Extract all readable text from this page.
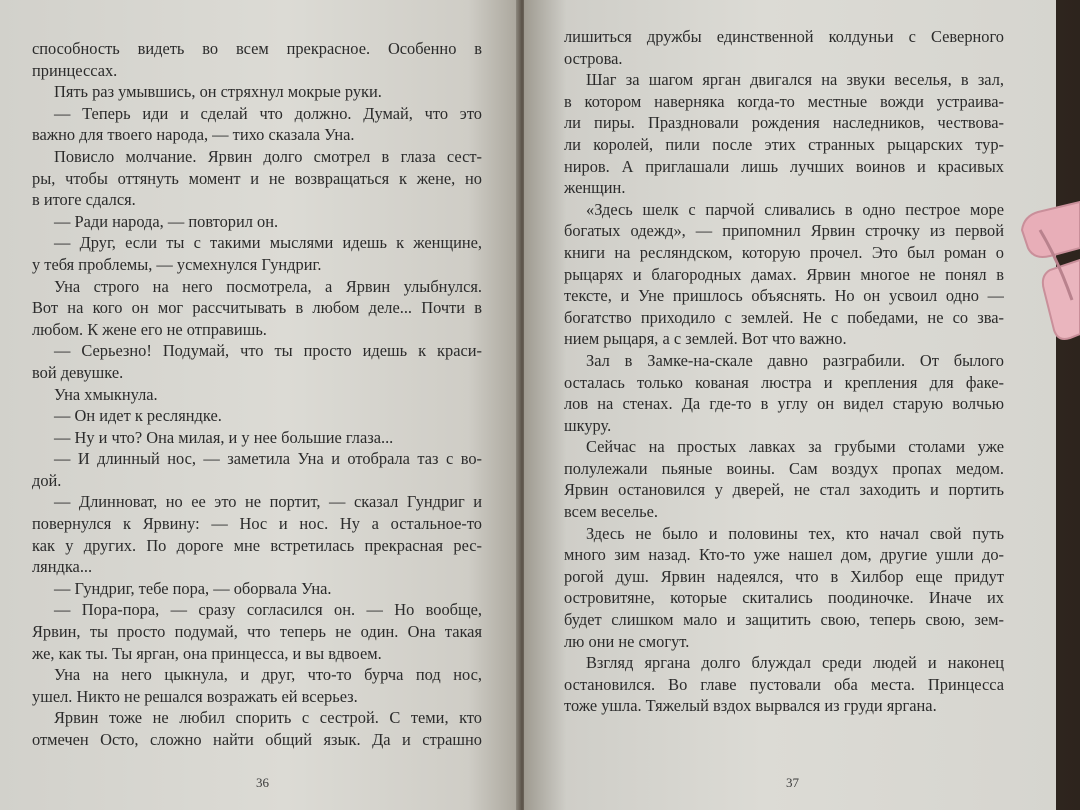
способность видеть во всем прекрасное. Особенно в
принцессах.
Пять раз умывшись, он стряхнул мокрые руки.
— Теперь иди и сделай что должно. Думай, что это
важно для твоего народа, — тихо сказала Уна.
Повисло молчание. Ярвин долго смотрел в глаза сест-
ры, чтобы оттянуть момент и не возвращаться к жене, но
в итоге сдался.
— Ради народа, — повторил он.
— Друг, если ты с такими мыслями идешь к женщине,
у тебя проблемы, — усмехнулся Гундриг.
Уна строго на него посмотрела, а Ярвин улыбнулся.
Вот на кого он мог рассчитывать в любом деле... Почти в
любом. К жене его не отправишь.
— Серьезно! Подумай, что ты просто идешь к краси-
вой девушке.
Уна хмыкнула.
— Он идет к ресляндке.
— Ну и что? Она милая, и у нее большие глаза...
— И длинный нос, — заметила Уна и отобрала таз с во-
дой.
— Длинноват, но ее это не портит, — сказал Гундриг и
повернулся к Ярвину: — Нос и нос. Ну а остальное-то
как у других. По дороге мне встретилась прекрасная рес-
ляндка...
— Гундриг, тебе пора, — оборвала Уна.
— Пора-пора, — сразу согласился он. — Но вообще,
Ярвин, ты просто подумай, что теперь не один. Она такая
же, как ты. Ты ярган, она принцесса, и вы вдвоем.
Уна на него цыкнула, и друг, что-то бурча под нос,
ушел. Никто не решался возражать ей всерьез.
Ярвин тоже не любил спорить с сестрой. С теми, кто
отмечен Осто, сложно найти общий язык. Да и страшно
36
лишиться дружбы единственной колдуньи с Северного
острова.
Шаг за шагом ярган двигался на звуки веселья, в зал,
в котором наверняка когда-то местные вожди устраива-
ли пиры. Праздновали рождения наследников, чествова-
ли королей, пили после этих странных рыцарских тур-
ниров. А приглашали лишь лучших воинов и красивых
женщин.
«Здесь шелк с парчой сливались в одно пестрое море
богатых одежд», — припомнил Ярвин строчку из первой
книги на ресляндском, которую прочел. Это был роман о
рыцарях и благородных дамах. Ярвин многое не понял в
тексте, и Уне пришлось объяснять. Но он усвоил одно —
богатство приходило с землей. Не с победами, не со зва-
нием рыцаря, а с землей. Вот что важно.
Зал в Замке-на-скале давно разграбили. От былого
осталась только кованая люстра и крепления для факе-
лов на стенах. Да где-то в углу он видел старую волчью
шкуру.
Сейчас на простых лавках за грубыми столами уже
полулежали пьяные воины. Сам воздух пропах медом.
Ярвин остановился у дверей, не стал заходить и портить
всем веселье.
Здесь не было и половины тех, кто начал свой путь
много зим назад. Кто-то уже нашел дом, другие ушли до-
рогой душ. Ярвин надеялся, что в Хилбор еще придут
островитяне, которые скитались поодиночке. Иначе их
будет слишком мало и защитить свою, теперь свою, зем-
лю они не смогут.
Взгляд яргана долго блуждал среди людей и наконец
остановился. Во главе пустовали оба места. Принцесса
тоже ушла. Тяжелый вздох вырвался из груди яргана.
37
